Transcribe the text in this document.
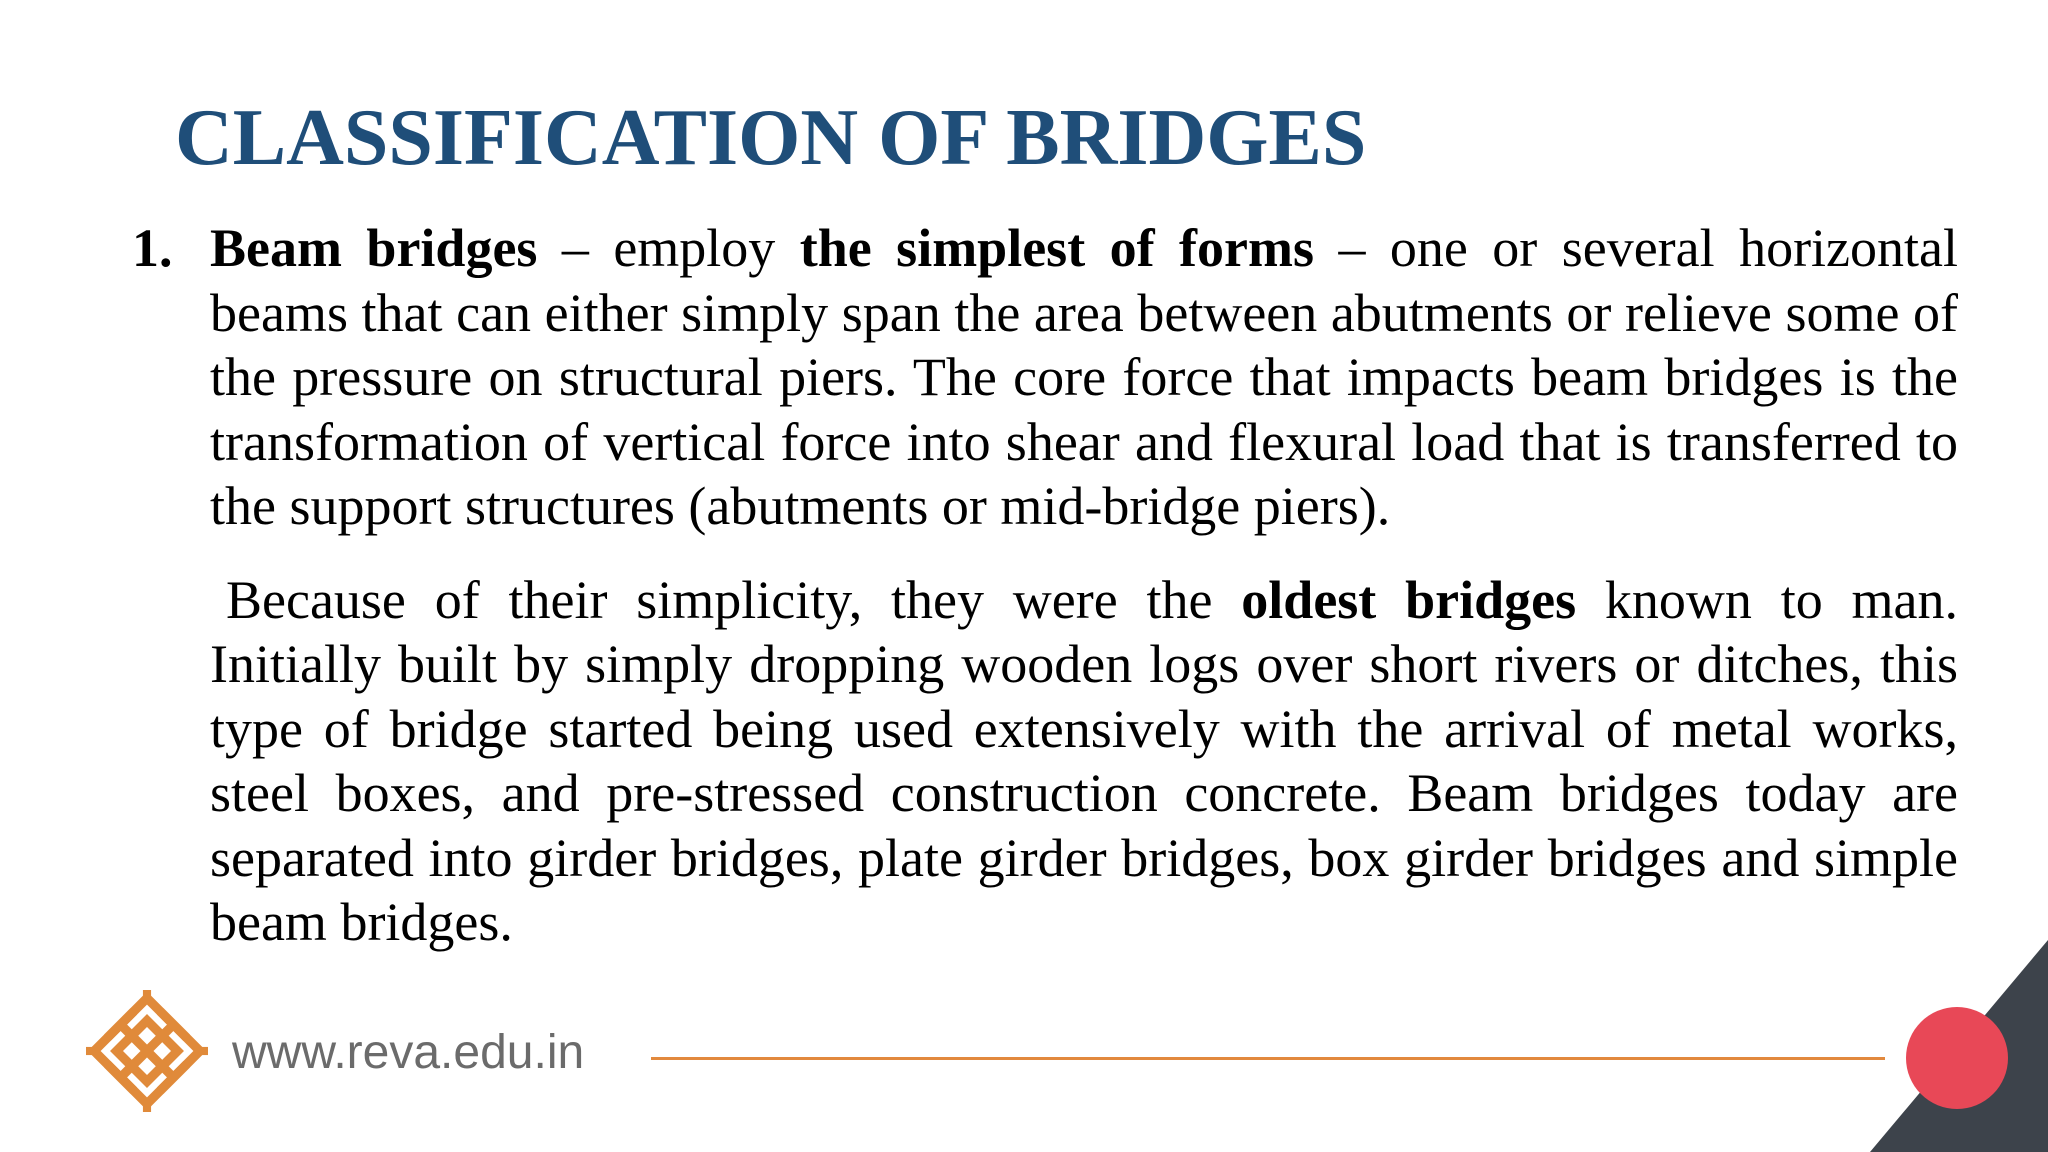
CLASSIFICATION OF BRIDGES
1. Beam bridges – employ the simplest of forms – one or several horizontal beams that can either simply span the area between abutments or relieve some of the pressure on structural piers. The core force that impacts beam bridges is the transformation of vertical force into shear and flexural load that is transferred to the support structures (abutments or mid-bridge piers).

Because of their simplicity, they were the oldest bridges known to man. Initially built by simply dropping wooden logs over short rivers or ditches, this type of bridge started being used extensively with the arrival of metal works, steel boxes, and pre-stressed construction concrete. Beam bridges today are separated into girder bridges, plate girder bridges, box girder bridges and simple beam bridges.

www.reva.edu.in
